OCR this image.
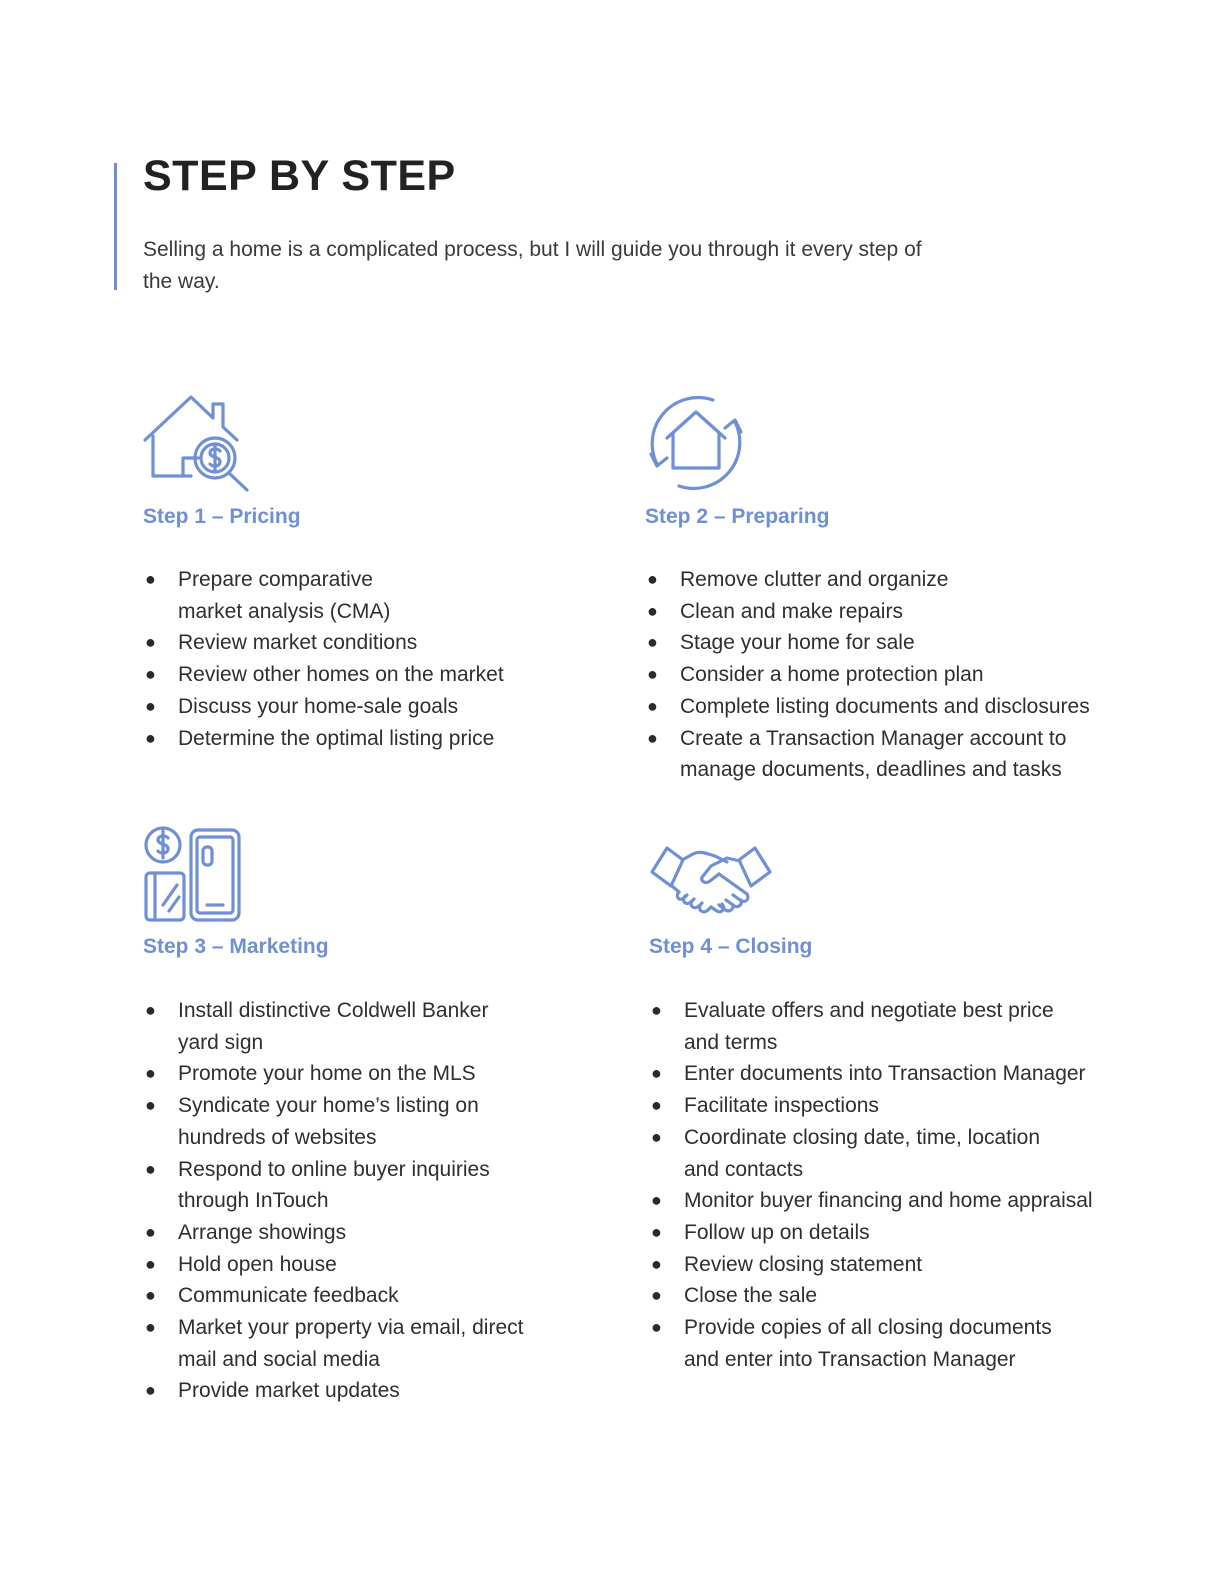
STEP BY STEP

Selling a home is a complicated process, but I will guide you through it every step of the way.

Step 1 – Pricing
● Prepare comparative
market analysis (CMA)
● Review market conditions
● Review other homes on the market
● Discuss your home-sale goals
● Determine the optimal listing price
Step 2 – Preparing
● Remove clutter and organize
● Clean and make repairs
● Stage your home for sale
● Consider a home protection plan
● Complete listing documents and disclosures
● Create a Transaction Manager account to
manage documents, deadlines and tasks
Step 3 – Marketing
● Install distinctive Coldwell Banker
yard sign
● Promote your home on the MLS
● Syndicate your home’s listing on
hundreds of websites
● Respond to online buyer inquiries
through InTouch
● Arrange showings
● Hold open house
● Communicate feedback
● Market your property via email, direct
mail and social media
● Provide market updates
Step 4 – Closing
● Evaluate offers and negotiate best price
and terms
● Enter documents into Transaction Manager
● Facilitate inspections
● Coordinate closing date, time, location
and contacts
● Monitor buyer financing and home appraisal
● Follow up on details
● Review closing statement
● Close the sale
● Provide copies of all closing documents
and enter into Transaction Manager
